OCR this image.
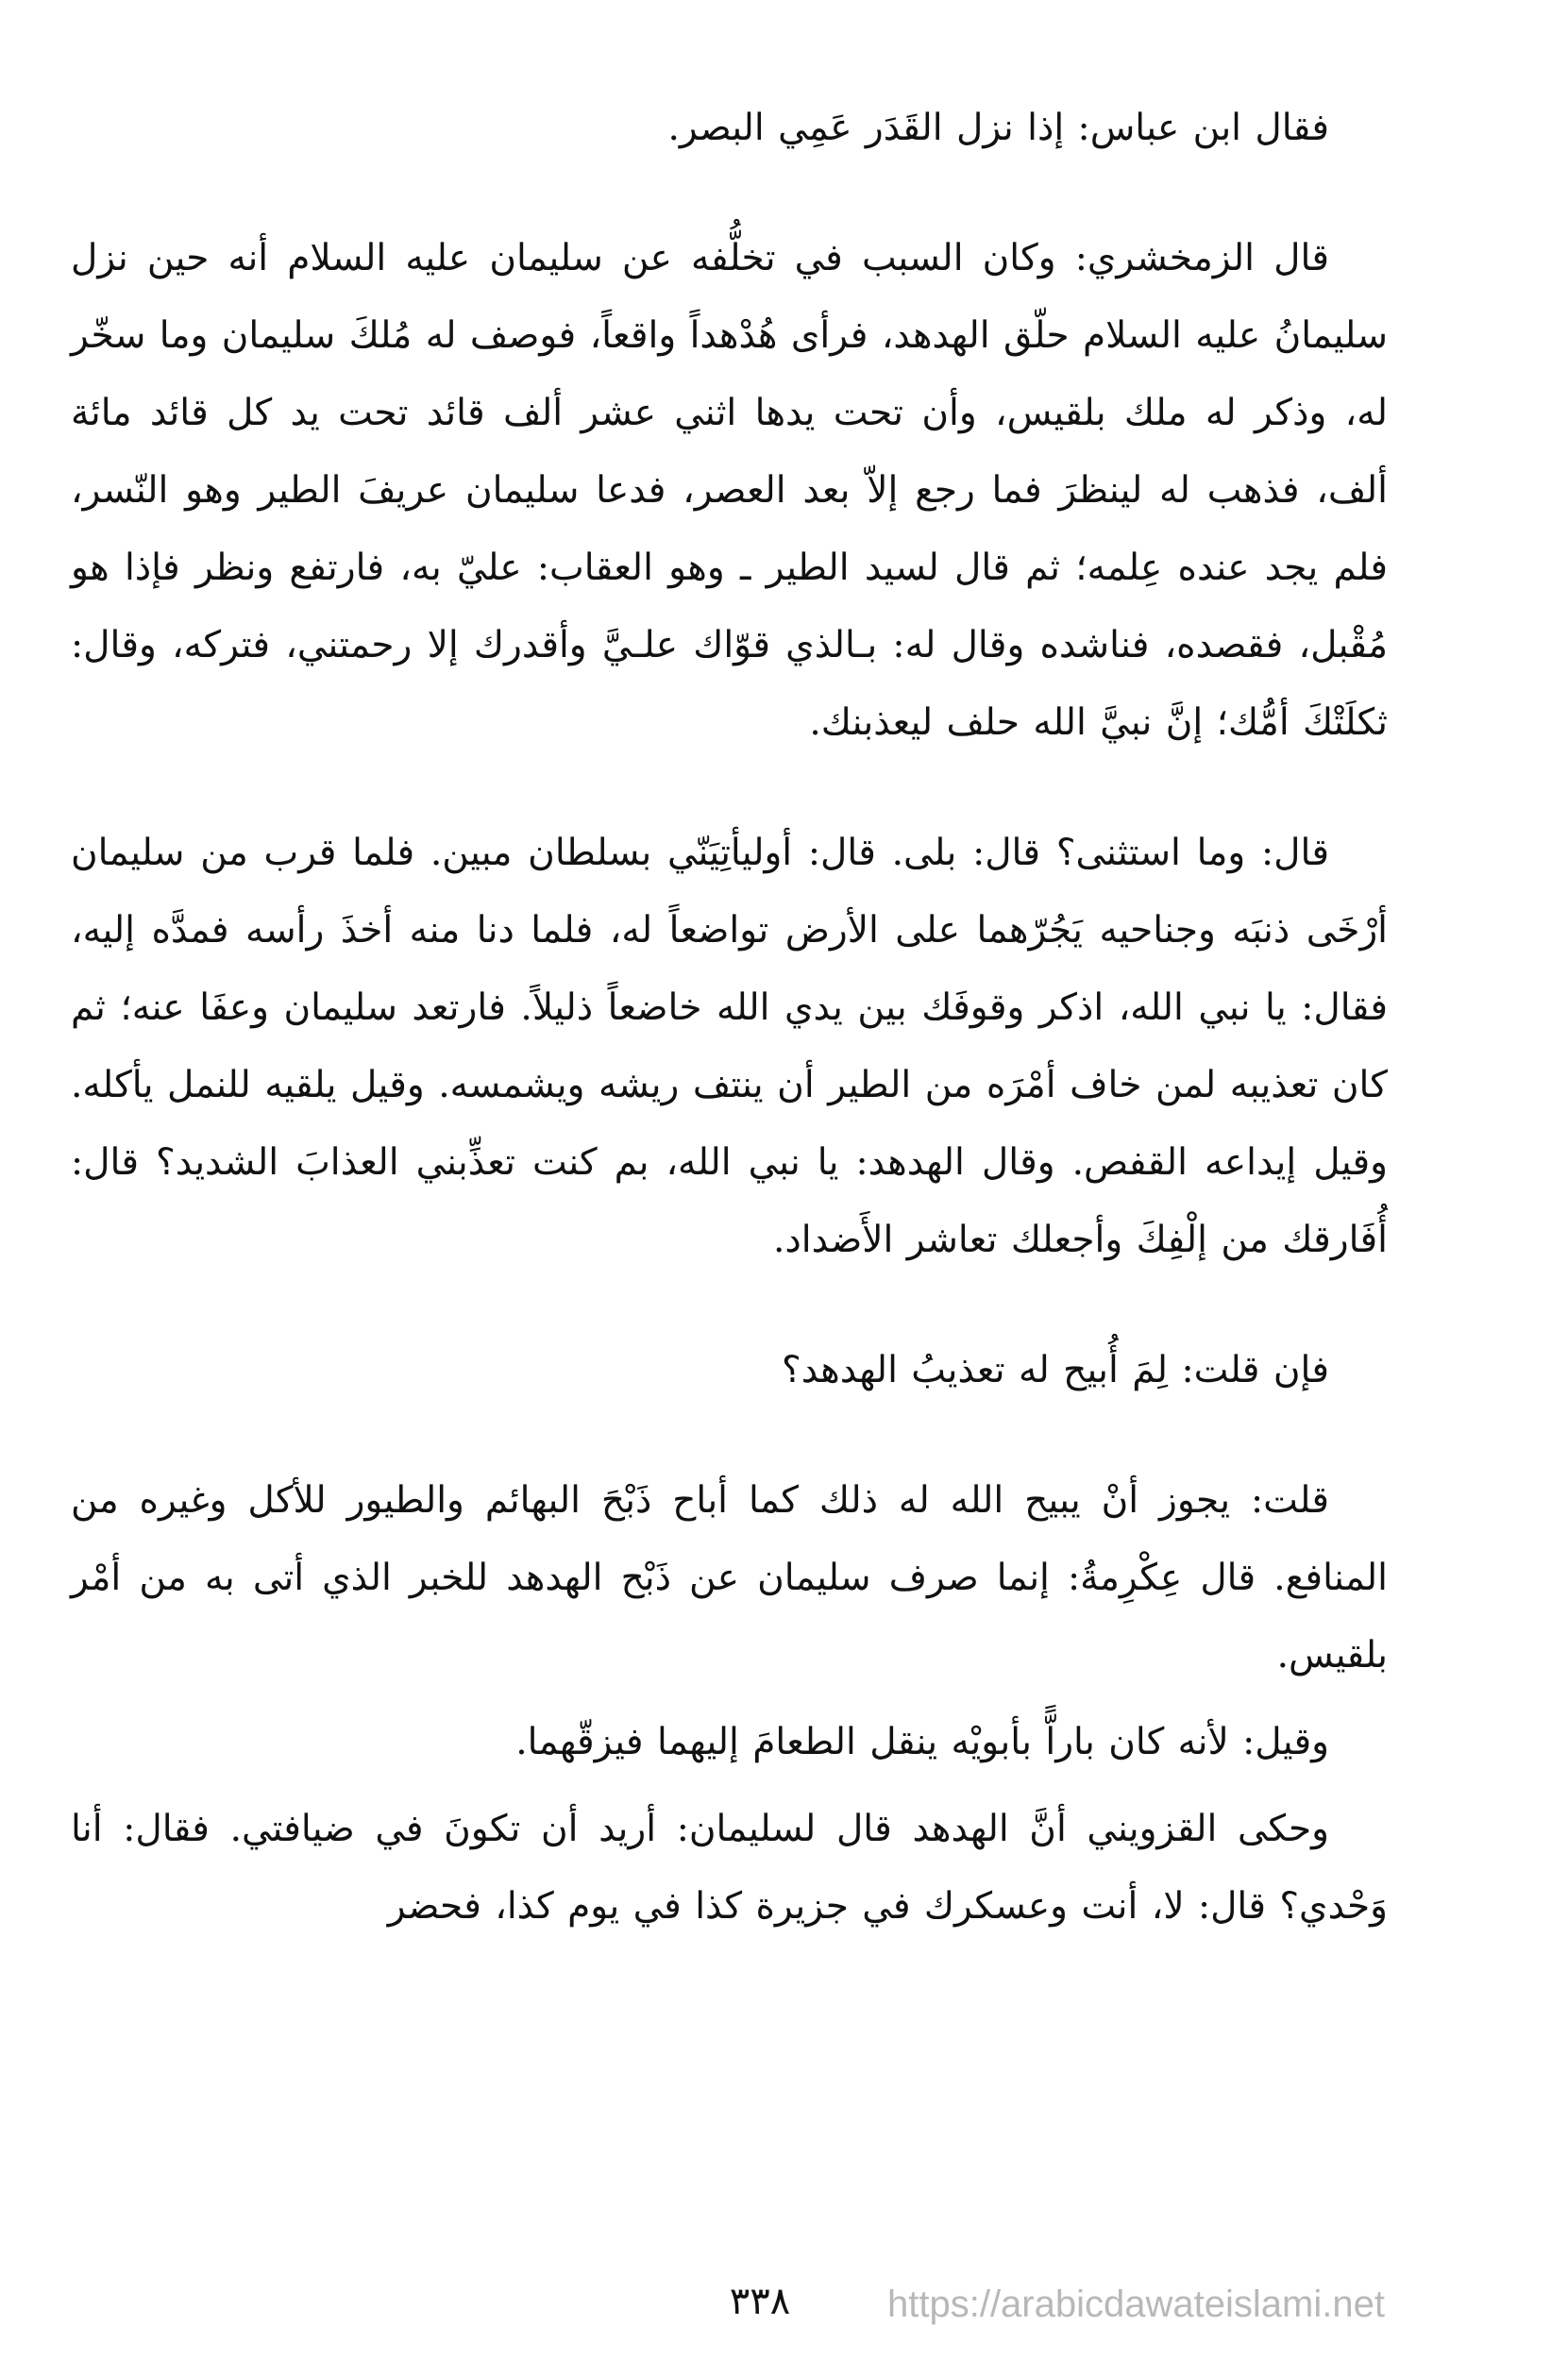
فقال ابن عباس: إذا نزل القَدَر عَمِي البصر.

قال الزمخشري: وكان السبب في تخلُّفه عن سليمان عليه السلام أنه حين نزل سليمانُ عليه السلام حلّق الهدهد، فرأى هُدْهداً واقعاً، فوصف له مُلكَ سليمان وما سخّر له، وذكر له ملك بلقيس، وأن تحت يدها اثني عشر ألف قائد تحت يد كل قائد مائة ألف، فذهب له لينظرَ فما رجع إلاّ بعد العصر، فدعا سليمان عريفَ الطير وهو النّسر، فلم يجد عنده عِلمه؛ ثم قال لسيد الطير ـ وهو العقاب: عليّ به، فارتفع ونظر فإذا هو مُقْبل، فقصده، فناشده وقال له: بـالذي قوّاك علـيَّ وأقدرك إلا رحمتني، فتركه، وقال: ثكلَتْكَ أمُّك؛ إنَّ نبيَّ الله حلف ليعذبنك.

قال: وما استثنى؟ قال: بلى. قال: أوليأتِيَنّي بسلطان مبين. فلما قرب من سليمان أرْخَى ذنبَه وجناحيه يَجُرّهما على الأرض تواضعاً له، فلما دنا منه أخذَ رأسه فمدَّه إليه، فقال: يا نبي الله، اذكر وقوفَك بين يدي الله خاضعاً ذليلاً. فارتعد سليمان وعفَا عنه؛ ثم كان تعذيبه لمن خاف أمْرَه من الطير أن ينتف ريشه ويشمسه. وقيل يلقيه للنمل يأكله. وقيل إيداعه القفص. وقال الهدهد: يا نبي الله، بم كنت تعذِّبني العذابَ الشديد؟ قال: أُفَارقك من إلْفِكَ وأجعلك تعاشر الأَضداد.

فإن قلت: لِمَ أُبيح له تعذيبُ الهدهد؟

قلت: يجوز أنْ يبيح الله له ذلك كما أباح ذَبْحَ البهائم والطيور للأكل وغيره من المنافع. قال عِكْرِمةُ: إنما صرف سليمان عن ذَبْح الهدهد للخبر الذي أتى به من أمْر بلقيس.

وقيل: لأنه كان باراًّ بأبويْه ينقل الطعامَ إليهما فيزقّهما.

وحكى القزويني أنَّ الهدهد قال لسليمان: أريد أن تكونَ في ضيافتي. فقال: أنا وَحْدي؟ قال: لا، أنت وعسكرك في جزيرة كذا في يوم كذا، فحضر

٣٣٨	https://arabicdawateislami.net
